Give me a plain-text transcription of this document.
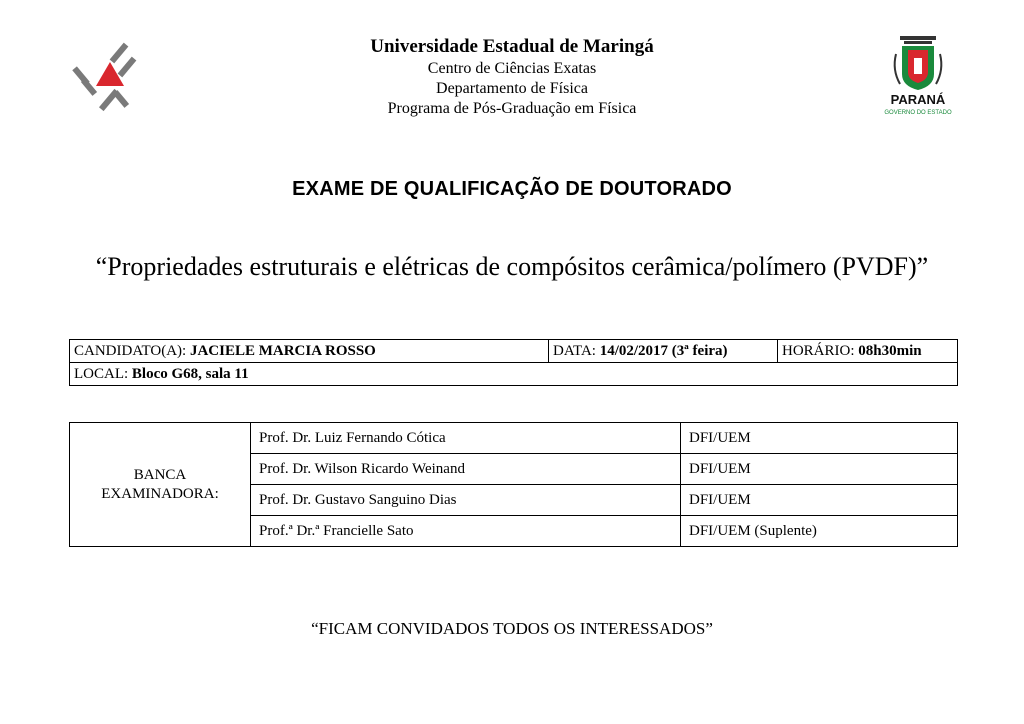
PARANÁ
GOVERNO DO ESTADO
Universidade Estadual de Maringá
Centro de Ciências Exatas
Departamento de Física
Programa de Pós-Graduação em Física
EXAME DE QUALIFICAÇÃO DE DOUTORADO
“Propriedades estruturais e elétricas de compósitos cerâmica/polímero (PVDF)”
CANDIDATO(A): JACIELE MARCIA ROSSO	DATA: 14/02/2017 (3ª feira)	HORÁRIO: 08h30min
LOCAL: Bloco G68, sala 11
BANCA
EXAMINADORA:	Prof. Dr. Luiz Fernando Cótica	DFI/UEM
	Prof. Dr. Wilson Ricardo Weinand	DFI/UEM
	Prof. Dr. Gustavo Sanguino Dias	DFI/UEM
	Prof.ª Dr.ª Francielle Sato	DFI/UEM (Suplente)
“FICAM CONVIDADOS TODOS OS INTERESSADOS”
